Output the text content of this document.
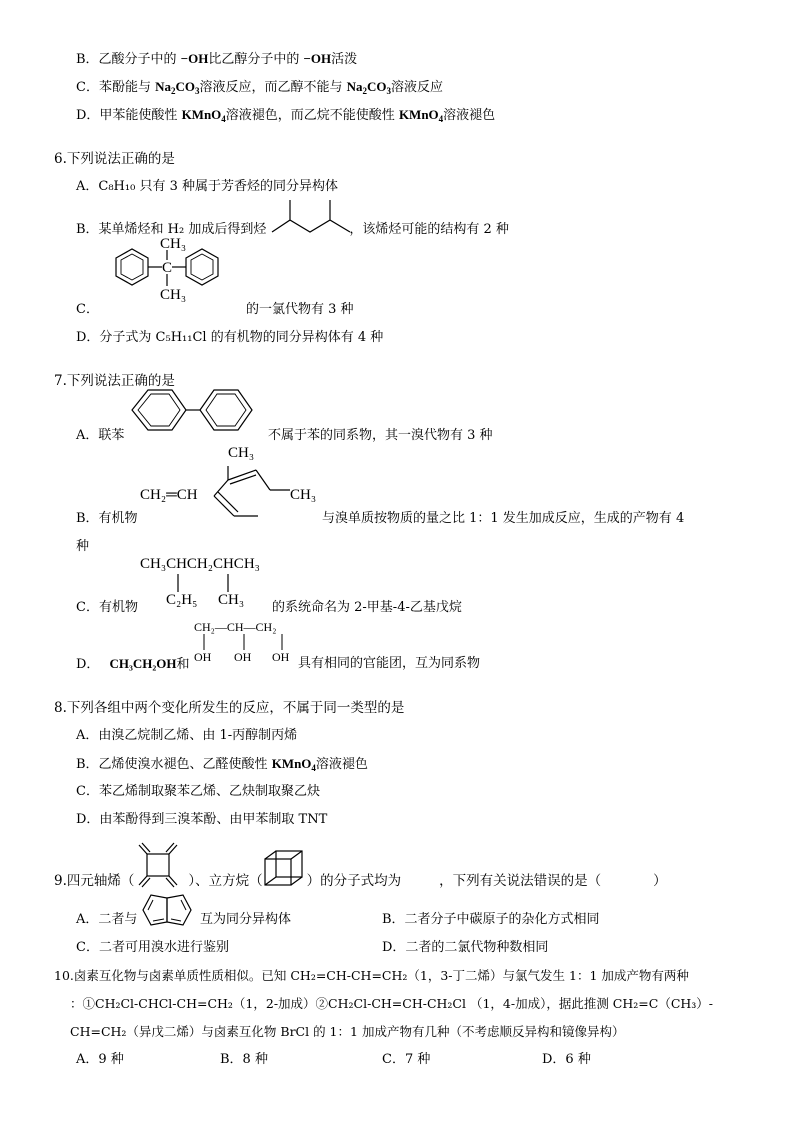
B．乙酸分子中的 −OH比乙醇分子中的 −OH活泼
C．苯酚能与 $Na_2CO_3$溶液反应，而乙醇不能与 $Na_2CO_3$溶液反应
D．甲苯能使酸性 KMnO$_4$溶液褪色，而乙烷不能使酸性 KMnO$_4$溶液褪色
6.下列说法正确的是
A．C₈H₁₀ 只有 3 种属于芳香烃的同分异构体
B．某单烯烃和 H₂ 加成后得到烃	，该烯烃可能的结构有 2 种
C．
CH₃
C
CH₃
的一氯代物有 3 种
D．分子式为 C₅H₁₁Cl 的有机物的同分异构体有 4 种
7.下列说法正确的是
A．联苯	不属于苯的同系物，其一溴代物有 3 种
CH₃
CH₂═CH	CH₃
B．有机物	与溴单质按物质的量之比 1：1 发生加成反应，生成的产物有 4
种
CH₃CHCH₂CHCH₃
C₂H₅ CH₃
C．有机物	的系统命名为 2-甲基-4-乙基戊烷
CH₂—CH—CH₂
OH OH OH
D． CH₃CH₂OH和	具有相同的官能团，互为同系物
8.下列各组中两个变化所发生的反应，不属于同一类型的是
A．由溴乙烷制乙烯、由 1-丙醇制丙烯
B．乙烯使溴水褪色、乙醛使酸性 KMnO$_4$溶液褪色
C．苯乙烯制取聚苯乙烯、乙炔制取聚乙炔
D．由苯酚得到三溴苯酚、由甲苯制取 TNT
9.四元轴烯（	）、立方烷（	）的分子式均为	，下列有关说法错误的是（	）
A．二者与	互为同分异构体	B．二者分子中碳原子的杂化方式相同
C．二者可用溴水进行鉴别	D．二者的二氯代物种数相同
10.卤素互化物与卤素单质性质相似。已知 CH₂=CH-CH=CH₂（1，3-丁二烯）与氯气发生 1：1 加成产物有两种
：①CH₂Cl-CHCl-CH=CH₂（1，2-加成）②CH₂Cl-CH=CH-CH₂Cl （1，4-加成），据此推测 CH₂=C（CH₃）-
CH=CH₂（异戊二烯）与卤素互化物 BrCl 的 1：1 加成产物有几种（不考虑顺反异构和镜像异构）
A．9 种	B．8 种	C．7 种	D．6 种
